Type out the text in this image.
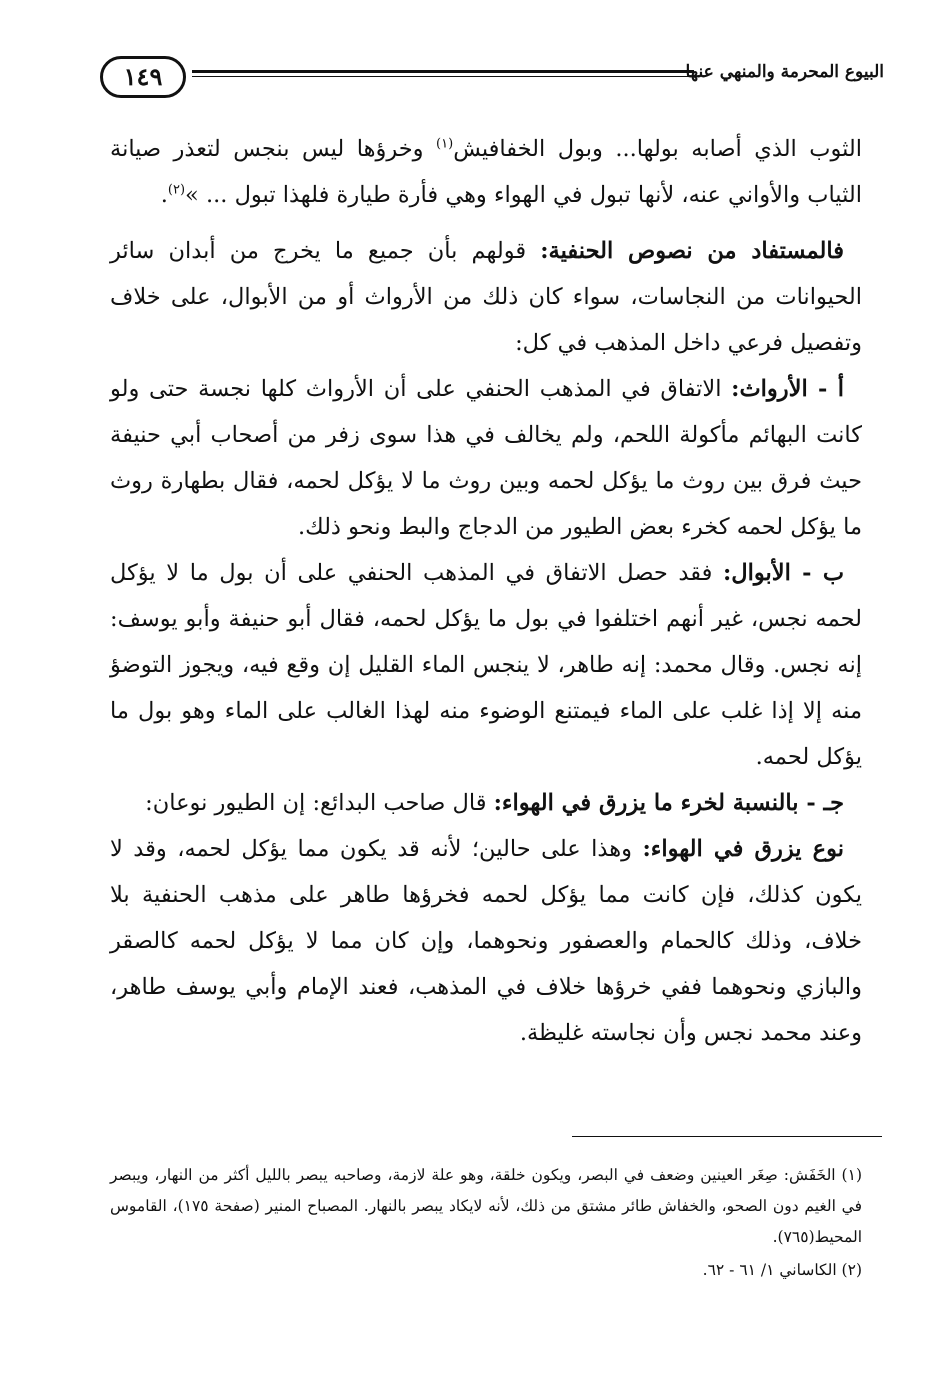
١٤٩	البيوع المحرمة والمنهي عنها

الثوب الذي أصابه بولها... وبول الخفافيش$^{(١)}$ وخرؤها ليس بنجس لتعذر صيانة الثياب والأواني عنه، لأنها تبول في الهواء وهي فأرة طيارة فلهذا تبول ... »$^{(٢)}$.

فالمستفاد من نصوص الحنفية: قولهم بأن جميع ما يخرج من أبدان سائر الحيوانات من النجاسات، سواء كان ذلك من الأرواث أو من الأبوال، على خلاف وتفصيل فرعي داخل المذهب في كل:

أ - الأرواث: الاتفاق في المذهب الحنفي على أن الأرواث كلها نجسة حتى ولو كانت البهائم مأكولة اللحم، ولم يخالف في هذا سوى زفر من أصحاب أبي حنيفة حيث فرق بين روث ما يؤكل لحمه وبين روث ما لا يؤكل لحمه، فقال بطهارة روث ما يؤكل لحمه كخرء بعض الطيور من الدجاج والبط ونحو ذلك.

ب - الأبوال: فقد حصل الاتفاق في المذهب الحنفي على أن بول ما لا يؤكل لحمه نجس، غير أنهم اختلفوا في بول ما يؤكل لحمه، فقال أبو حنيفة وأبو يوسف: إنه نجس. وقال محمد: إنه طاهر، لا ينجس الماء القليل إن وقع فيه، ويجوز التوضؤ منه إلا إذا غلب على الماء فيمتنع الوضوء منه لهذا الغالب على الماء وهو بول ما يؤكل لحمه.

جـ - بالنسبة لخرء ما يزرق في الهواء: قال صاحب البدائع: إن الطيور نوعان:

نوع يزرق في الهواء: وهذا على حالين؛ لأنه قد يكون مما يؤكل لحمه، وقد لا يكون كذلك، فإن كانت مما يؤكل لحمه فخرؤها طاهر على مذهب الحنفية بلا خلاف، وذلك كالحمام والعصفور ونحوهما، وإن كان مما لا يؤكل لحمه كالصقر والبازي ونحوهما ففي خرؤها خلاف في المذهب، فعند الإمام وأبي يوسف طاهر، وعند محمد نجس وأن نجاسته غليظة.

(١) الخَفَش: صِغَر العينين وضعف في البصر، ويكون خلقة، وهو علة لازمة، وصاحبه يبصر بالليل أكثر من النهار، ويبصر في الغيم دون الصحو، والخفاش طائر مشتق من ذلك، لأنه لايكاد يبصر بالنهار. المصباح المنير (صفحة ١٧٥)، القاموس المحيط(٧٦٥).

(٢) الكاساني ١/ ٦١ - ٦٢.
